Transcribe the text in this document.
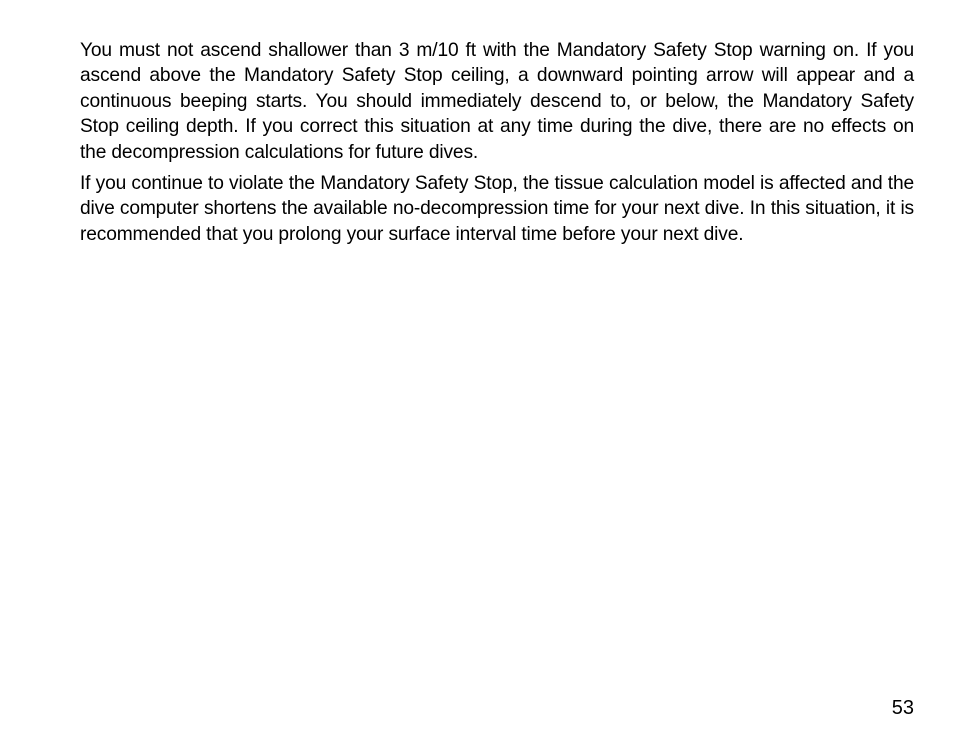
You must not ascend shallower than 3 m/10 ft with the Mandatory Safety Stop warning on. If you ascend above the Mandatory Safety Stop ceiling, a downward pointing arrow will appear and a continuous beeping starts. You should immediately descend to, or below, the Mandatory Safety Stop ceiling depth. If you correct this situation at any time during the dive, there are no effects on the decompression calculations for future dives.

If you continue to violate the Mandatory Safety Stop, the tissue calculation model is affected and the dive computer shortens the available no-decompression time for your next dive. In this situation, it is recommended that you prolong your surface interval time before your next dive.

53
